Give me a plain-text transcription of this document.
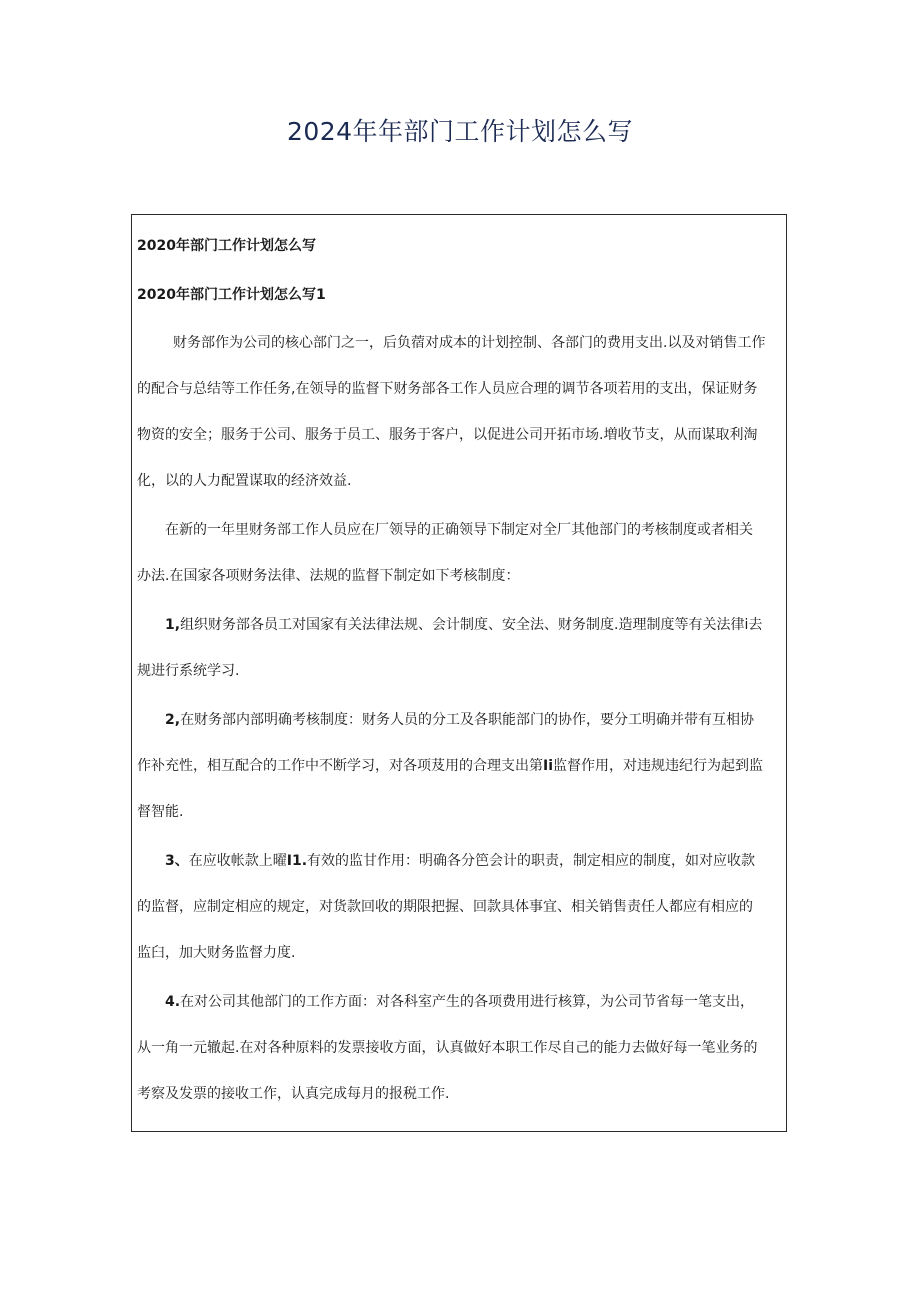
2024年年部门工作计划怎么写
2020年部门工作计划怎么写
2020年部门工作计划怎么写1
财务部作为公司的核心部门之一，后负蓿对成本的计划控制、各部门的费用支出.以及对销售工作
的配合与总结等工作任务,在领导的监督下财务部各工作人员应合理的调节各项若用的支出，保证财务
物资的安全；服务于公司、服务于员工、服务于客户，以促进公司开拓市场.増收节支，从而谋取利淘
化，以的人力配置谋取的经济效益.
在新的一年里财务部工作人员应在厂领导的正确领导下制定对全厂其他部门的考核制度或者相关
办法.在国家各项财务法律、法规的监督下制定如下考核制度：
1,组织财务部各员工对国家有关法律法规、会计制度、安全法、财务制度.造理制度等有关法律i去
规进行系统学习.
2,在财务部内部明确考核制度：财务人员的分工及各职能部门的协作，要分工明确并带有互相协
作补充性，相互配合的工作中不断学习，对各项芨用的合理支出第Ii监督作用，对违规违纪行为起到监
督智能.
3、在应收帐款上曜I1.有效的监甘作用：明确各分笆会计的职责，制定相应的制度，如对应收款
的监督，应制定相应的规定，对货款回收的期限把握、回款具体事宜、相关销售责任人都应有相应的
监臼，加大财务监督力度.
4.在对公司其他部门的工作方面：对各科室产生的各项费用进行核算，为公司节省每一笔支出，
从一角一元辙起.在对各种原料的发票接收方面，认真做好本职工作尽自己的能力去做好每一笔业务的
考察及发票的接收工作，认真完成每月的报税工作.
